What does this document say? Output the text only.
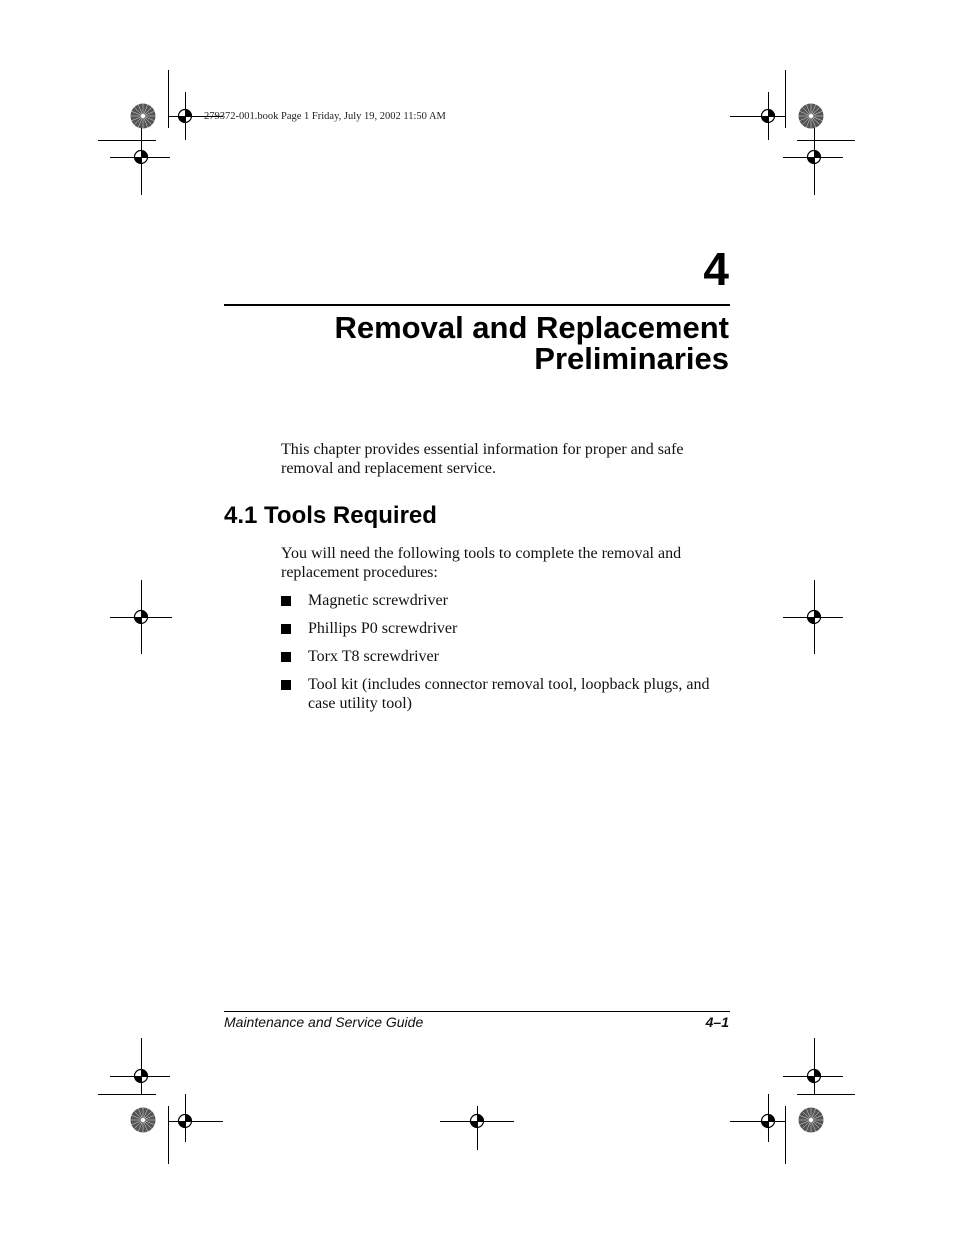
279372-001.book Page 1 Friday, July 19, 2002 11:50 AM
4
Removal and Replacement
Preliminaries

This chapter provides essential information for proper and safe removal and replacement service.

4.1 Tools Required

You will need the following tools to complete the removal and replacement procedures:

Magnetic screwdriver
Phillips P0 screwdriver
Torx T8 screwdriver
Tool kit (includes connector removal tool, loopback plugs, and case utility tool)
Maintenance and Service Guide	4–1
